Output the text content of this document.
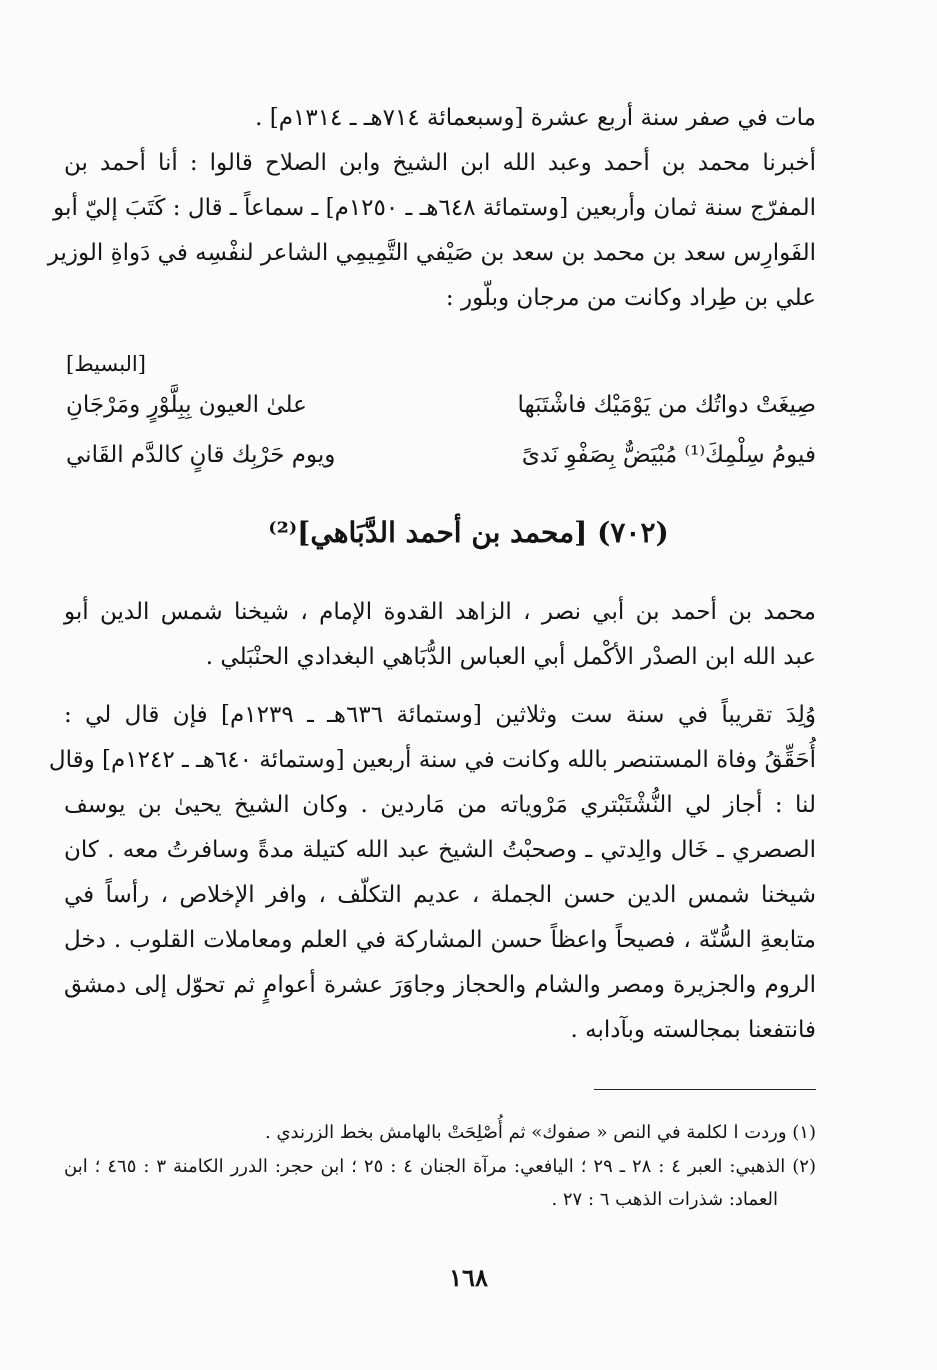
مات في صفر سنة أربع عشرة [وسبعمائة ٧١٤هـ ـ ١٣١٤م] .
أخبرنا محمد بن أحمد وعبد الله ابن الشيخ وابن الصلاح قالوا : أنا أحمد بن
المفرّج سنة ثمان وأربعين [وستمائة ٦٤٨هـ ـ ١٢٥٠م] ـ سماعاً ـ قال : كَتَبَ إليّ أبو
الفَوارِس سعد بن محمد بن سعد بن صَيْفي التَّمِيمِي الشاعر لنفْسِه في دَواةِ الوزير
علي بن طِراد وكانت من مرجان وبلّور :
[البسيط]
صِيغَتْ دواتُك من يَوْمَيْك فاشْتَبَها
علىٰ العيون بِبِلَّوْرٍ ومَرْجَانِ
فيومُ سِلْمِكَ⁽¹⁾ مُبْيَضٌّ بِصَفْوِ نَدىً
ويوم حَرْبِك قانٍ كالدَّم القَاني
(٧٠٢) [محمد بن أحمد الدَّبَاهي]⁽²⁾
محمد بن أحمد بن أبي نصر ، الزاهد القدوة الإمام ، شيخنا شمس الدين أبو
عبد الله ابن الصدْر الأكْمل أبي العباس الدُّبَاهي البغدادي الحنْبَلي .
وُلِدَ تقريباً في سنة ست وثلاثين [وستمائة ٦٣٦هـ ـ ١٢٣٩م] فإن قال لي :
أُحَقِّقُ وفاة المستنصر بالله وكانت في سنة أربعين [وستمائة ٦٤٠هـ ـ ١٢٤٢م] وقال
لنا : أجاز لي النُّشْتَبْتري مَرْوياته من مَاردين . وكان الشيخ يحيىٰ بن يوسف
الصصري ـ خَال والِدتي ـ وصحبْتُ الشيخ عبد الله كتيلة مدةً وسافرتُ معه . كان
شيخنا شمس الدين حسن الجملة ، عديم التكلّف ، وافر الإخلاص ، رأساً في
متابعةِ السُّنّة ، فصيحاً واعظاً حسن المشاركة في العلم ومعاملات القلوب . دخل
الروم والجزيرة ومصر والشام والحجاز وجاوَرَ عشرة أعوامٍ ثم تحوّل إلى دمشق
فانتفعنا بمجالسته وبآدابه .
(١) وردت ا لكلمة في النص « صفوك» ثم أُصْلِحَتْ بالهامش بخط الزرندي .
(٢) الذهبي: العبر ٤ : ٢٨ ـ ٢٩ ؛ اليافعي: مرآة الجنان ٤ : ٢٥ ؛ ابن حجر: الدرر الكامنة ٣ : ٤٦٥ ؛ ابن
العماد: شذرات الذهب ٦ : ٢٧ .
١٦٨
